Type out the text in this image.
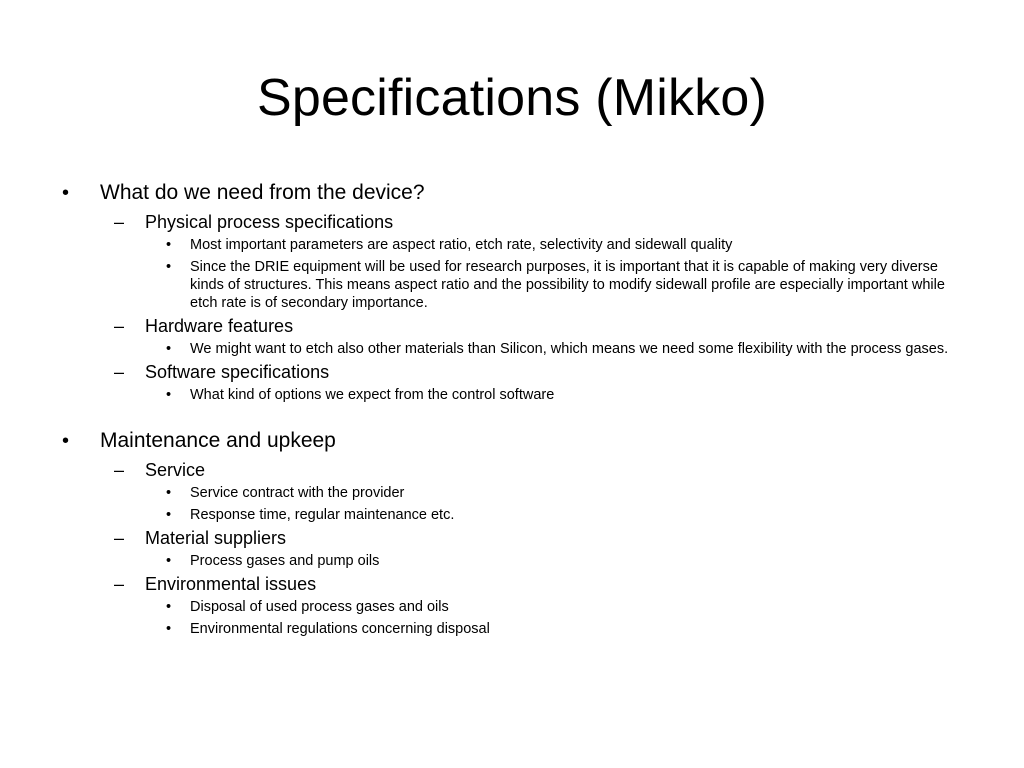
Specifications (Mikko)
• What do we need from the device?
– Physical process specifications
• Most important parameters are aspect ratio, etch rate, selectivity and sidewall quality
• Since the DRIE equipment will be used for research purposes, it is important that it is capable of making very diverse kinds of structures. This means aspect ratio and the possibility to modify sidewall profile are especially important while etch rate is of secondary importance.
– Hardware features
• We might want to etch also other materials than Silicon, which means we need some flexibility with the process gases.
– Software specifications
• What kind of options we expect from the control software
• Maintenance and upkeep
– Service
• Service contract with the provider
• Response time, regular maintenance etc.
– Material suppliers
• Process gases and pump oils
– Environmental issues
• Disposal of used process gases and oils
• Environmental regulations concerning disposal
